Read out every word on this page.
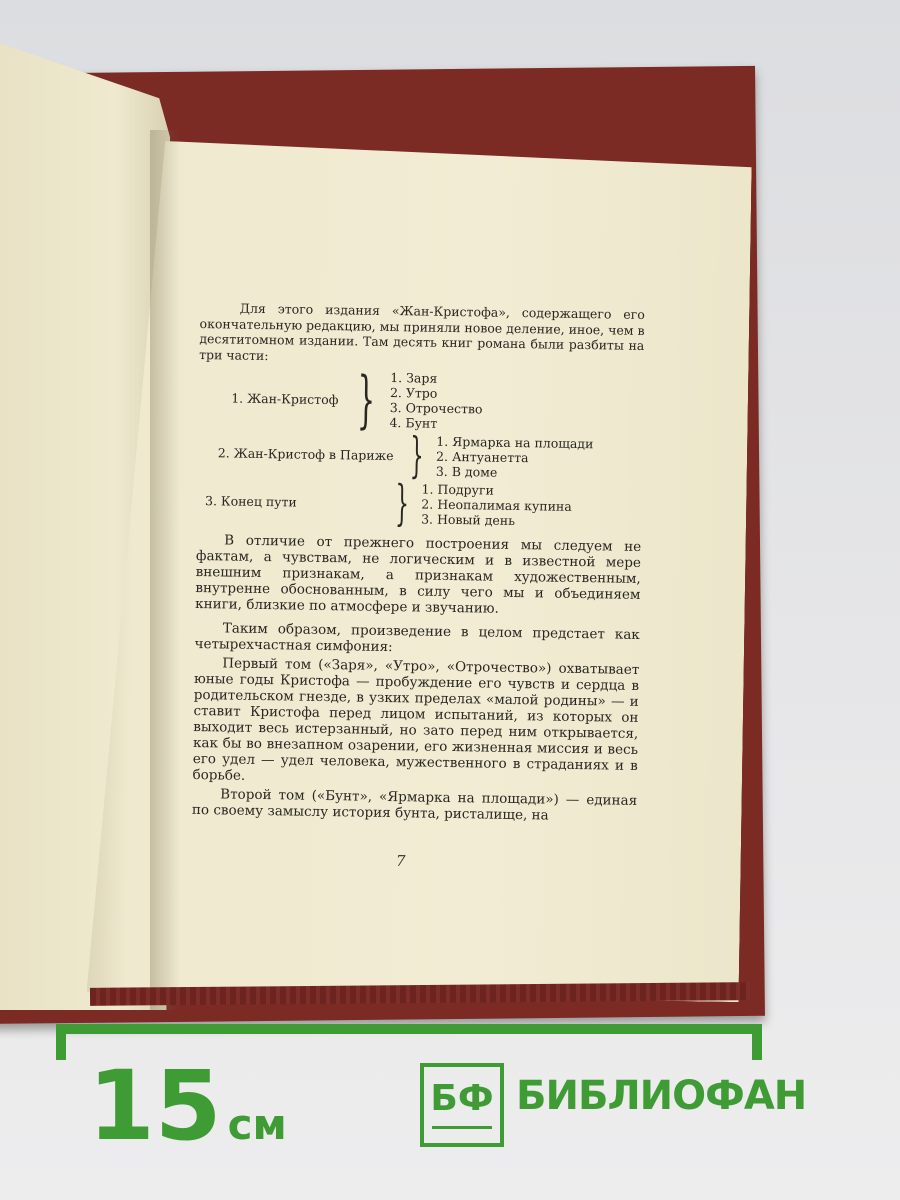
Для этого издания «Жан-Кристофа», содержащего его окончательную редакцию, мы приняли новое деление, иное, чем в десятитомном издании. Там десять книг романа были разбиты на три части:

1. Жан-Кристоф } 1. Заря
2. Утро
3. Отрочество
4. Бунт
2. Жан-Кристоф в Париже } 1. Ярмарка на площади
2. Антуанетта
3. В доме
3. Конец пути	} 1. Подруги
2. Неопалимая купина
3. Новый день

В отличие от прежнего построения мы следуем не фактам, а чувствам, не логическим и в известной мере внешним признакам, а признакам художественным, внутренне обоснованным, в силу чего мы и объединяем книги, близкие по атмосфере и звучанию.

Таким образом, произведение в целом предстает как четырехчастная симфония:

Первый том («Заря», «Утро», «Отрочество») охватывает юные годы Кристофа — пробуждение его чувств и сердца в родительском гнезде, в узких пределах «малой родины» — и ставит Кристофа перед лицом испытаний, из которых он выходит весь истерзанный, но зато перед ним открывается, как бы во внезапном озарении, его жизненная миссия и весь его удел — удел человека, мужественного в страданиях и в борьбе.

Второй том («Бунт», «Ярмарка на площади») — единая по своему замыслу история бунта, ристалище, на

7
15 см
БФ БИБЛИОФАН
